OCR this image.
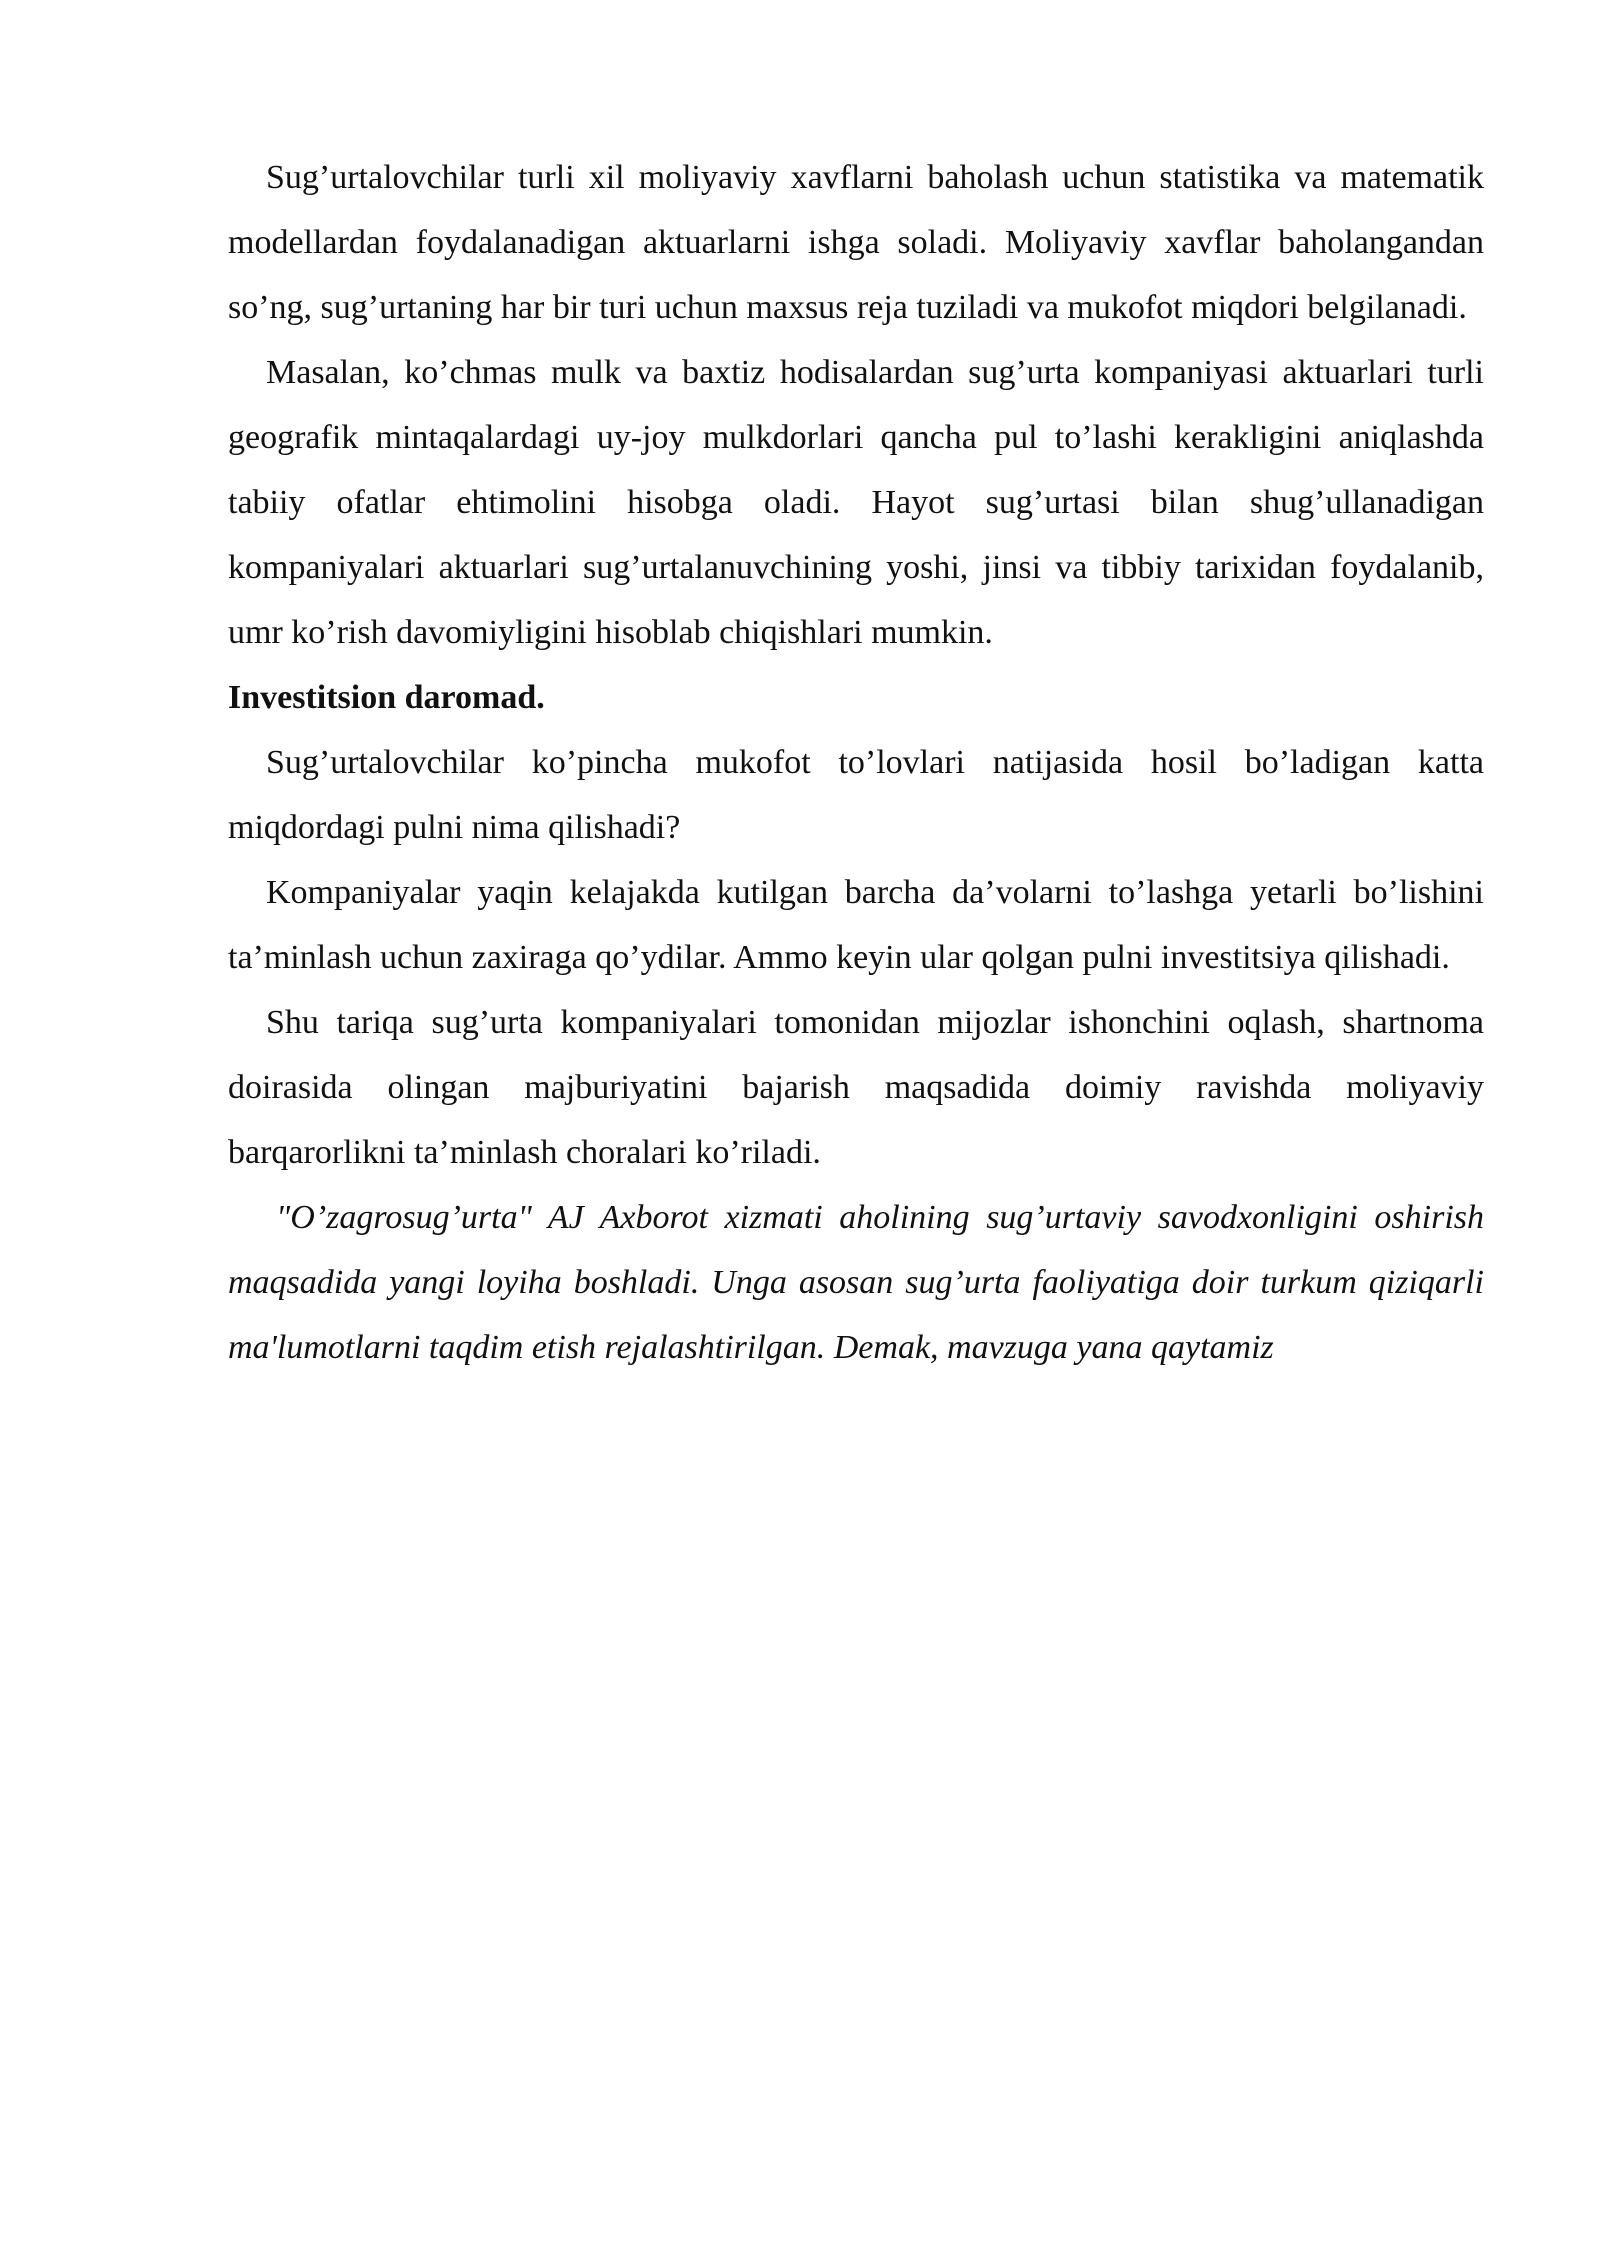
Sug’urtalovchilar turli xil moliyaviy xavflarni baholash uchun statistika va matematik modellardan foydalanadigan aktuarlarni ishga soladi. Moliyaviy xavflar baholangandan so’ng, sug’urtaning har bir turi uchun maxsus reja tuziladi va mukofot miqdori belgilanadi.

Masalan, ko’chmas mulk va baxtiz hodisalardan sug’urta kompaniyasi aktuarlari turli geografik mintaqalardagi uy-joy mulkdorlari qancha pul to’lashi kerakligini aniqlashda tabiiy ofatlar ehtimolini hisobga oladi. Hayot sug’urtasi bilan shug’ullanadigan kompaniyalari aktuarlari sug’urtalanuvchining yoshi, jinsi va tibbiy tarixidan foydalanib, umr ko’rish davomiyligini hisoblab chiqishlari mumkin.

Investitsion daromad.

Sug’urtalovchilar ko’pincha mukofot to’lovlari natijasida hosil bo’ladigan katta miqdordagi pulni nima qilishadi?

Kompaniyalar yaqin kelajakda kutilgan barcha da’volarni to’lashga yetarli bo’lishini ta’minlash uchun zaxiraga qo’ydilar. Ammo keyin ular qolgan pulni investitsiya qilishadi.

Shu tariqa sug’urta kompaniyalari tomonidan mijozlar ishonchini oqlash, shartnoma doirasida olingan majburiyatini bajarish maqsadida doimiy ravishda moliyaviy barqarorlikni ta’minlash choralari ko’riladi.

"O’zagrosug’urta" AJ Axborot xizmati aholining sug’urtaviy savodxonligini oshirish maqsadida yangi loyiha boshladi. Unga asosan sug’urta faoliyatiga doir turkum qiziqarli ma'lumotlarni taqdim etish rejalashtirilgan. Demak, mavzuga yana qaytamiz
